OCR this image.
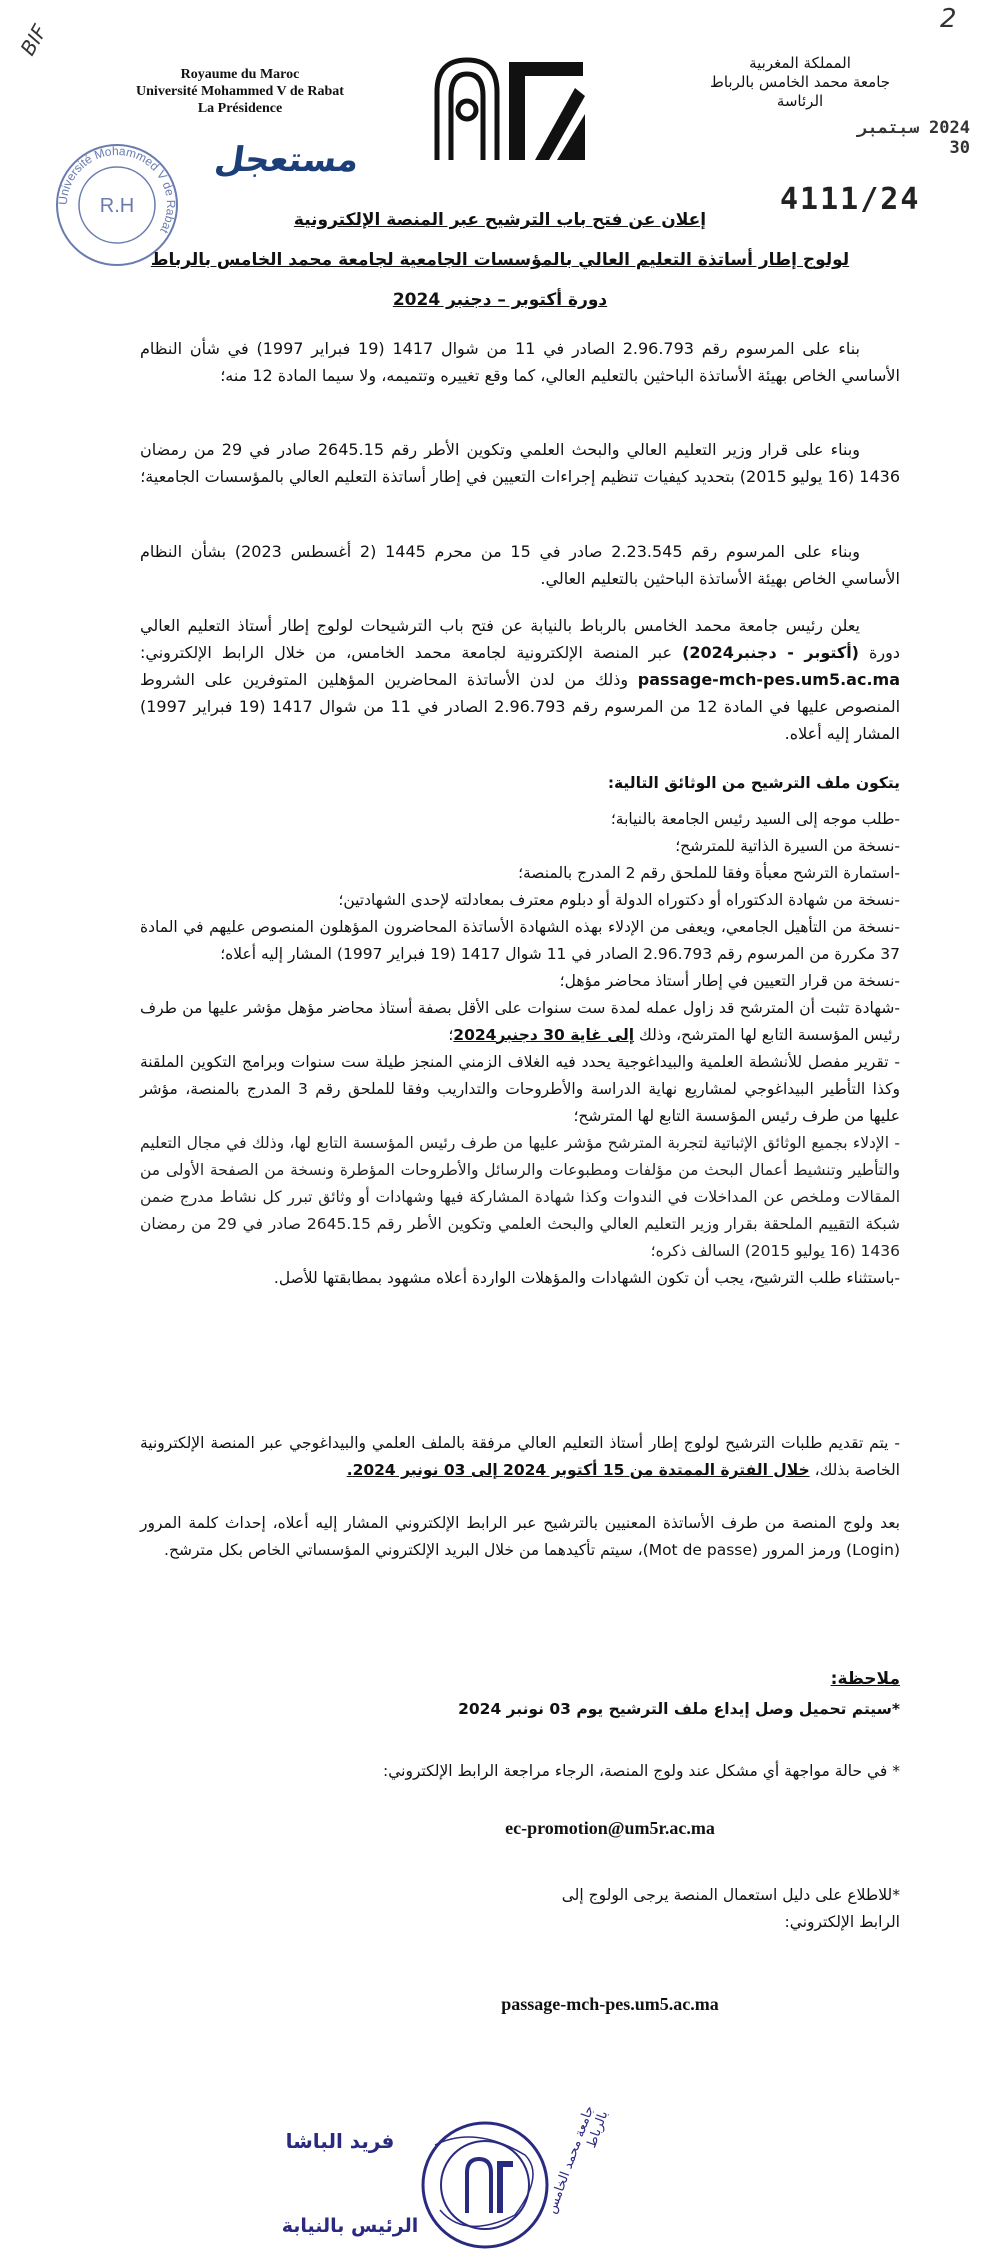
BIF
2
Royaume du Maroc
Université Mohammed V de Rabat
La Présidence
المملكة المغربية
جامعة محمد الخامس بالرباط
الرئاسة
2024 سبتمبر 30
مستعجل
Université Mohammed V de Rabat
R.H	4111/24
إعلان عن فتح باب الترشيح عبر المنصة الإلكترونية
لولوج إطار أساتذة التعليم العالي بالمؤسسات الجامعية لجامعة محمد الخامس بالرباط
دورة أكتوبر – دجنبر 2024
بناء على المرسوم رقم 2.96.793 الصادر في 11 من شوال 1417 (19 فبراير 1997) في شأن النظام الأساسي الخاص بهيئة الأساتذة الباحثين بالتعليم العالي، كما وقع تغييره وتتميمه، ولا سيما المادة 12 منه؛
وبناء على قرار وزير التعليم العالي والبحث العلمي وتكوين الأطر رقم 2645.15 صادر في 29 من رمضان 1436 (16 يوليو 2015) بتحديد كيفيات تنظيم إجراءات التعيين في إطار أساتذة التعليم العالي بالمؤسسات الجامعية؛
وبناء على المرسوم رقم 2.23.545 صادر في 15 من محرم 1445 (2 أغسطس 2023) بشأن النظام الأساسي الخاص بهيئة الأساتذة الباحثين بالتعليم العالي.
يعلن رئيس جامعة محمد الخامس بالرباط بالنيابة عن فتح باب الترشيحات لولوج إطار أستاذ التعليم العالي دورة (أكتوبر - دجنبر2024) عبر المنصة الإلكترونية لجامعة محمد الخامس، من خلال الرابط الإلكتروني: passage-mch-pes.um5.ac.ma وذلك من لدن الأساتذة المحاضرين المؤهلين المتوفرين على الشروط المنصوص عليها في المادة 12 من المرسوم رقم 2.96.793 الصادر في 11 من شوال 1417 (19 فبراير 1997) المشار إليه أعلاه.
يتكون ملف الترشيح من الوثائق التالية:
-طلب موجه إلى السيد رئيس الجامعة بالنيابة؛
-نسخة من السيرة الذاتية للمترشح؛
-استمارة الترشح معبأة وفقا للملحق رقم 2 المدرج بالمنصة؛
-نسخة من شهادة الدكتوراه أو دكتوراه الدولة أو دبلوم معترف بمعادلته لإحدى الشهادتين؛
-نسخة من التأهيل الجامعي، ويعفى من الإدلاء بهذه الشهادة الأساتذة المحاضرون المؤهلون المنصوص عليهم في المادة 37 مكررة من المرسوم رقم 2.96.793 الصادر في 11 شوال 1417 (19 فبراير 1997) المشار إليه أعلاه؛
-نسخة من قرار التعيين في إطار أستاذ محاضر مؤهل؛
-شهادة تثبت أن المترشح قد زاول عمله لمدة ست سنوات على الأقل بصفة أستاذ محاضر مؤهل مؤشر عليها من طرف رئيس المؤسسة التابع لها المترشح، وذلك إلى غاية 30 دجنبر2024؛
- تقرير مفصل للأنشطة العلمية والبيداغوجية يحدد فيه الغلاف الزمني المنجز طيلة ست سنوات وبرامج التكوين الملقنة وكذا التأطير البيداغوجي لمشاريع نهاية الدراسة والأطروحات والتداريب وفقا للملحق رقم 3 المدرج بالمنصة، مؤشر عليها من طرف رئيس المؤسسة التابع لها المترشح؛
- الإدلاء بجميع الوثائق الإثباتية لتجربة المترشح مؤشر عليها من طرف رئيس المؤسسة التابع لها، وذلك في مجال التعليم والتأطير وتنشيط أعمال البحث من مؤلفات ومطبوعات والرسائل والأطروحات المؤطرة ونسخة من الصفحة الأولى من المقالات وملخص عن المداخلات في الندوات وكذا شهادة المشاركة فيها وشهادات أو وثائق تبرر كل نشاط مدرج ضمن شبكة التقييم الملحقة بقرار وزير التعليم العالي والبحث العلمي وتكوين الأطر رقم 2645.15 صادر في 29 من رمضان 1436 (16 يوليو 2015) السالف ذكره؛
-باستثناء طلب الترشيح، يجب أن تكون الشهادات والمؤهلات الواردة أعلاه مشهود بمطابقتها للأصل.
- يتم تقديم طلبات الترشيح لولوج إطار أستاذ التعليم العالي مرفقة بالملف العلمي والبيداغوجي عبر المنصة الإلكترونية الخاصة بذلك، خلال الفترة الممتدة من 15 أكتوبر 2024 إلى 03 نونبر 2024.
بعد ولوج المنصة من طرف الأساتذة المعنيين بالترشيح عبر الرابط الإلكتروني المشار إليه أعلاه، إحداث كلمة المرور (Login) ورمز المرور (Mot de passe)، سيتم تأكيدهما من خلال البريد الإلكتروني المؤسساتي الخاص بكل مترشح.
ملاحظة:
*سيتم تحميل وصل إيداع ملف الترشيح يوم 03 نونبر 2024
* في حالة مواجهة أي مشكل عند ولوج المنصة، الرجاء مراجعة الرابط الإلكتروني:
ec-promotion@um5r.ac.ma
*للاطلاع على دليل استعمال المنصة يرجى الولوج إلى
الرابط الإلكتروني:
passage-mch-pes.um5.ac.ma
جامعة محمد الخامس بالرباط
فريد الباشا
الرئيس بالنيابة
